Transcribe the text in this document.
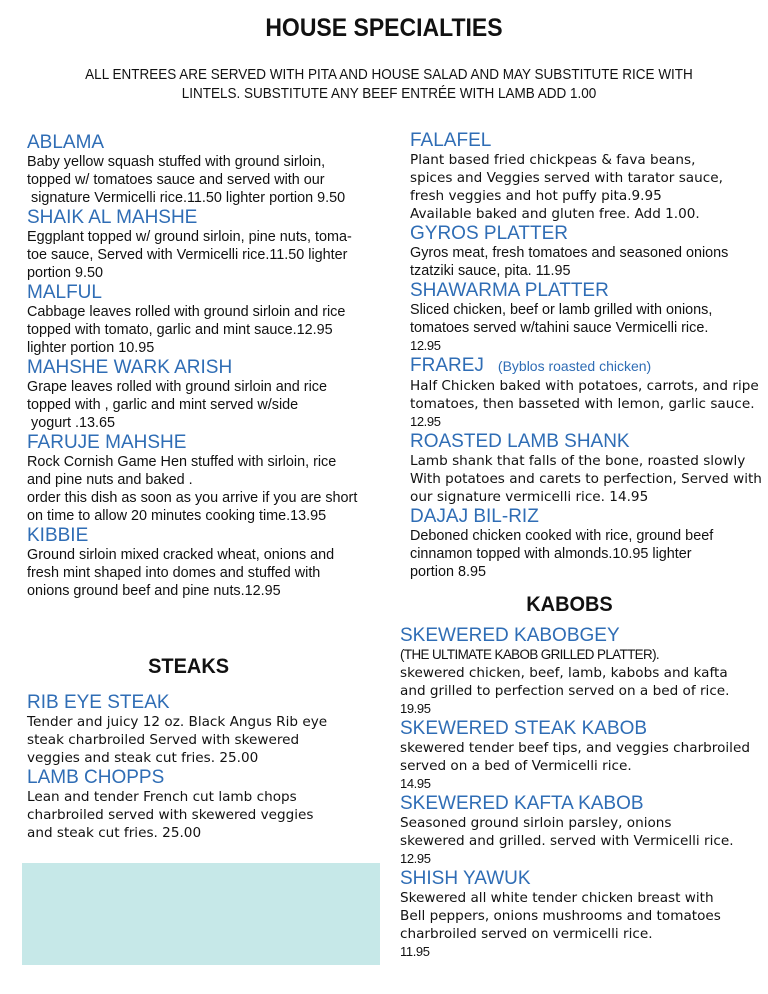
HOUSE SPECIALTIES
ALL ENTREES ARE SERVED WITH PITA AND HOUSE SALAD AND MAY SUBSTITUTE RICE WITH
LINTELS. SUBSTITUTE ANY BEEF ENTRÉE WITH LAMB ADD 1.00
ABLAMA
Baby yellow squash stuffed with ground sirloin,
topped w/ tomatoes sauce and served with our
signature Vermicelli rice.11.50 lighter portion 9.50
SHAIK AL MAHSHE
Eggplant topped w/ ground sirloin, pine nuts, toma-
toe sauce, Served with Vermicelli rice.11.50 lighter
portion 9.50
MALFUL
Cabbage leaves rolled with ground sirloin and rice
topped with tomato, garlic and mint sauce.12.95
lighter portion 10.95
MAHSHE WARK ARISH
Grape leaves rolled with ground sirloin and rice
topped with , garlic and mint served w/side
yogurt .13.65
FARUJE MAHSHE
Rock Cornish Game Hen stuffed with sirloin, rice
and pine nuts and baked .
order this dish as soon as you arrive if you are short
on time to allow 20 minutes cooking time.13.95
KIBBIE
Ground sirloin mixed cracked wheat, onions and
fresh mint shaped into domes and stuffed with
onions ground beef and pine nuts.12.95
STEAKS
RIB EYE STEAK
Tender and juicy 12 oz. Black Angus Rib eye
steak charbroiled Served with skewered
veggies and steak cut fries. 25.00
LAMB CHOPPS
Lean and tender French cut lamb chops
charbroiled served with skewered veggies
and steak cut fries. 25.00
FALAFEL
Plant based fried chickpeas & fava beans,
spices and Veggies served with tarator sauce,
fresh veggies and hot puffy pita.9.95
Available baked and gluten free. Add 1.00.
GYROS PLATTER
Gyros meat, fresh tomatoes and seasoned onions
tzatziki sauce, pita. 11.95
SHAWARMA PLATTER
Sliced chicken, beef or lamb grilled with onions,
tomatoes served w/tahini sauce Vermicelli rice.
12.95
FRAREJ (Byblos roasted chicken)
Half Chicken baked with potatoes, carrots, and ripe
tomatoes, then basseted with lemon, garlic sauce.
12.95
ROASTED LAMB SHANK
Lamb shank that falls of the bone, roasted slowly
With potatoes and carets to perfection, Served with
our signature vermicelli rice. 14.95
DAJAJ BIL-RIZ
Deboned chicken cooked with rice, ground beef
cinnamon topped with almonds.10.95 lighter
portion 8.95
KABOBS
SKEWERED KABOBGEY
(THE ULTIMATE KABOB GRILLED PLATTER).
skewered chicken, beef, lamb, kabobs and kafta
and grilled to perfection served on a bed of rice.
19.95
SKEWERED STEAK KABOB
skewered tender beef tips, and veggies charbroiled
served on a bed of Vermicelli rice.
14.95
SKEWERED KAFTA KABOB
Seasoned ground sirloin parsley, onions
skewered and grilled. served with Vermicelli rice.
12.95
SHISH YAWUK
Skewered all white tender chicken breast with
Bell peppers, onions mushrooms and tomatoes
charbroiled served on vermicelli rice.
11.95
